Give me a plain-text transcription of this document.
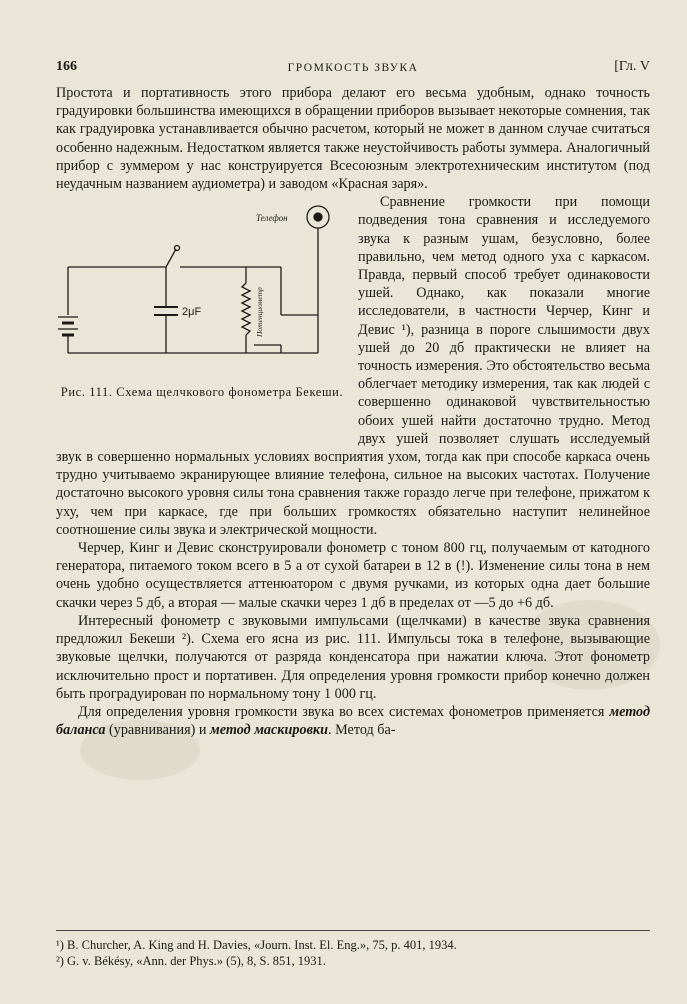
166	ГРОМКОСТЬ ЗВУКА	[Гл. V

Простота и портативность этого прибора делают его весьма удобным, однако точность градуировки большинства имеющихся в обращении приборов вызывает некоторые сомнения, так как градуировка устанавливается обычно расчетом, который не может в данном случае считаться особенно надежным. Недостатком является также неустойчивость работы зуммера. Аналогичный прибор с зуммером у нас конструируется Всесоюзным электротехническим институтом (под неудачным названием аудиометра) и заводом «Красная заря».

Телефон
2μF	Потенциометр
Рис. 111. Схема щелчкового фонометра Бекеши.

Сравнение громкости при помощи подведения тона сравнения и исследуемого звука к разным ушам, безусловно, более правильно, чем метод одного уха с каркасом. Правда, первый способ требует одинаковости ушей. Однако, как показали многие исследователи, в частности Черчер, Кинг и Девис ¹), разница в пороге слышимости двух ушей до 20 дб практически не влияет на точность измерения. Это обстоятельство весьма облегчает методику измерения, так как людей с совершенно одинаковой чувствительностью обоих ушей найти достаточно трудно. Метод двух ушей позволяет слушать исследуемый звук в совершенно нормальных условиях восприятия ухом, тогда как при способе каркаса очень трудно учитываемо экранирующее влияние телефона, сильное на высоких частотах. Получение достаточно высокого уровня силы тона сравнения также гораздо легче при телефоне, прижатом к уху, чем при каркасе, где при больших громкостях обязательно наступит нелинейное соотношение силы звука и электрической мощности.

Черчер, Кинг и Девис сконструировали фонометр с тоном 800 гц, получаемым от катодного генератора, питаемого током всего в 5 а от сухой батареи в 12 в (!). Изменение силы тона в нем очень удобно осуществляется аттенюатором с двумя ручками, из которых одна дает большие скачки через 5 дб, а вторая — малые скачки через 1 дб в пределах от —5 до +6 дб.

Интересный фонометр с звуковыми импульсами (щелчками) в качестве звука сравнения предложил Бекеши ²). Схема его ясна из рис. 111. Импульсы тока в телефоне, вызывающие звуковые щелчки, получаются от разряда конденсатора при нажатии ключа. Этот фонометр исключительно прост и портативен. Для определения уровня громкости прибор конечно должен быть проградуирован по нормальному тону 1 000 гц.

Для определения уровня громкости звука во всех системах фонометров применяется метод баланса (уравнивания) и метод маскировки. Метод ба-

¹) B. Churcher, A. King and H. Davies, «Journ. Inst. El. Eng.», 75, p. 401, 1934.
²) G. v. Békésy, «Ann. der Phys.» (5), 8, S. 851, 1931.
